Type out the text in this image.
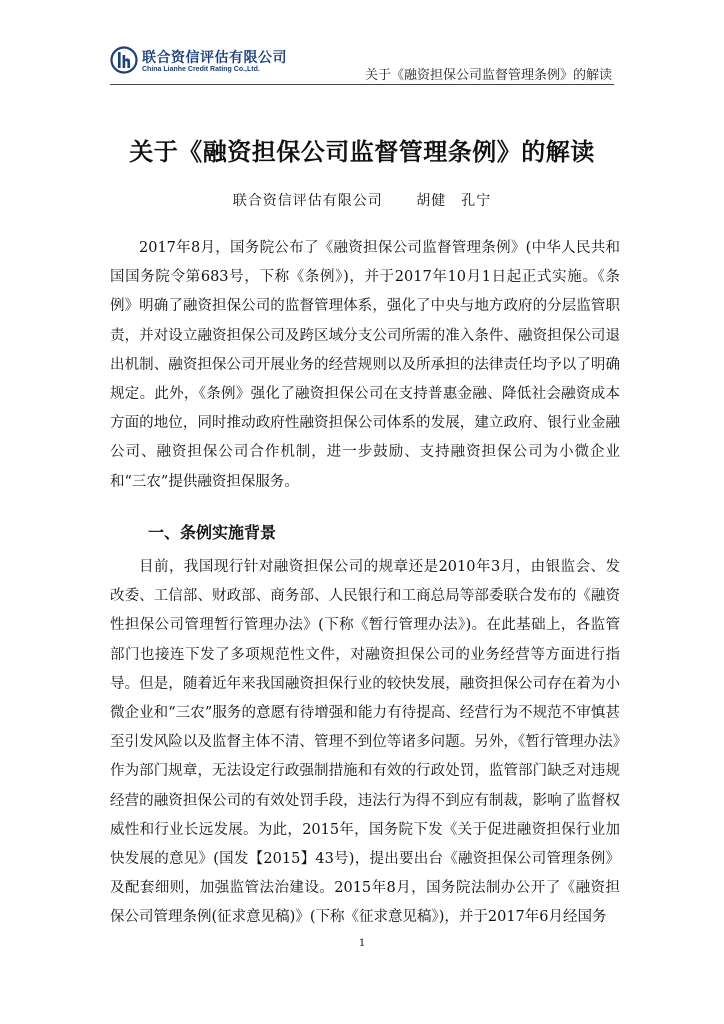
联合资信评估有限公司
China Lianhe Credit Rating Co.,Ltd.	关于《融资担保公司监督管理条例》的解读
关于《融资担保公司监督管理条例》的解读
联合资信评估有限公司 胡健　孔宁

2017年8月，国务院公布了《融资担保公司监督管理条例》(中华人民共和国国务院令第683号，下称《条例》)，并于2017年10月1日起正式实施。《条例》明确了融资担保公司的监督管理体系，强化了中央与地方政府的分层监管职责，并对设立融资担保公司及跨区域分支公司所需的准入条件、融资担保公司退出机制、融资担保公司开展业务的经营规则以及所承担的法律责任均予以了明确规定。此外，《条例》强化了融资担保公司在支持普惠金融、降低社会融资成本方面的地位，同时推动政府性融资担保公司体系的发展，建立政府、银行业金融公司、融资担保公司合作机制，进一步鼓励、支持融资担保公司为小微企业和“三农”提供融资担保服务。

一、条例实施背景

目前，我国现行针对融资担保公司的规章还是2010年3月，由银监会、发改委、工信部、财政部、商务部、人民银行和工商总局等部委联合发布的《融资性担保公司管理暂行管理办法》(下称《暂行管理办法》)。在此基础上，各监管部门也接连下发了多项规范性文件，对融资担保公司的业务经营等方面进行指导。但是，随着近年来我国融资担保行业的较快发展，融资担保公司存在着为小微企业和“三农”服务的意愿有待增强和能力有待提高、经营行为不规范不审慎甚至引发风险以及监督主体不清、管理不到位等诸多问题。另外，《暂行管理办法》作为部门规章，无法设定行政强制措施和有效的行政处罚，监管部门缺乏对违规经营的融资担保公司的有效处罚手段，违法行为得不到应有制裁，影响了监督权威性和行业长远发展。为此，2015年，国务院下发《关于促进融资担保行业加快发展的意见》(国发【2015】43号)，提出要出台《融资担保公司管理条例》及配套细则，加强监管法治建设。2015年8月，国务院法制办公开了《融资担保公司管理条例(征求意见稿)》(下称《征求意见稿》)，并于2017年6月经国务

1
